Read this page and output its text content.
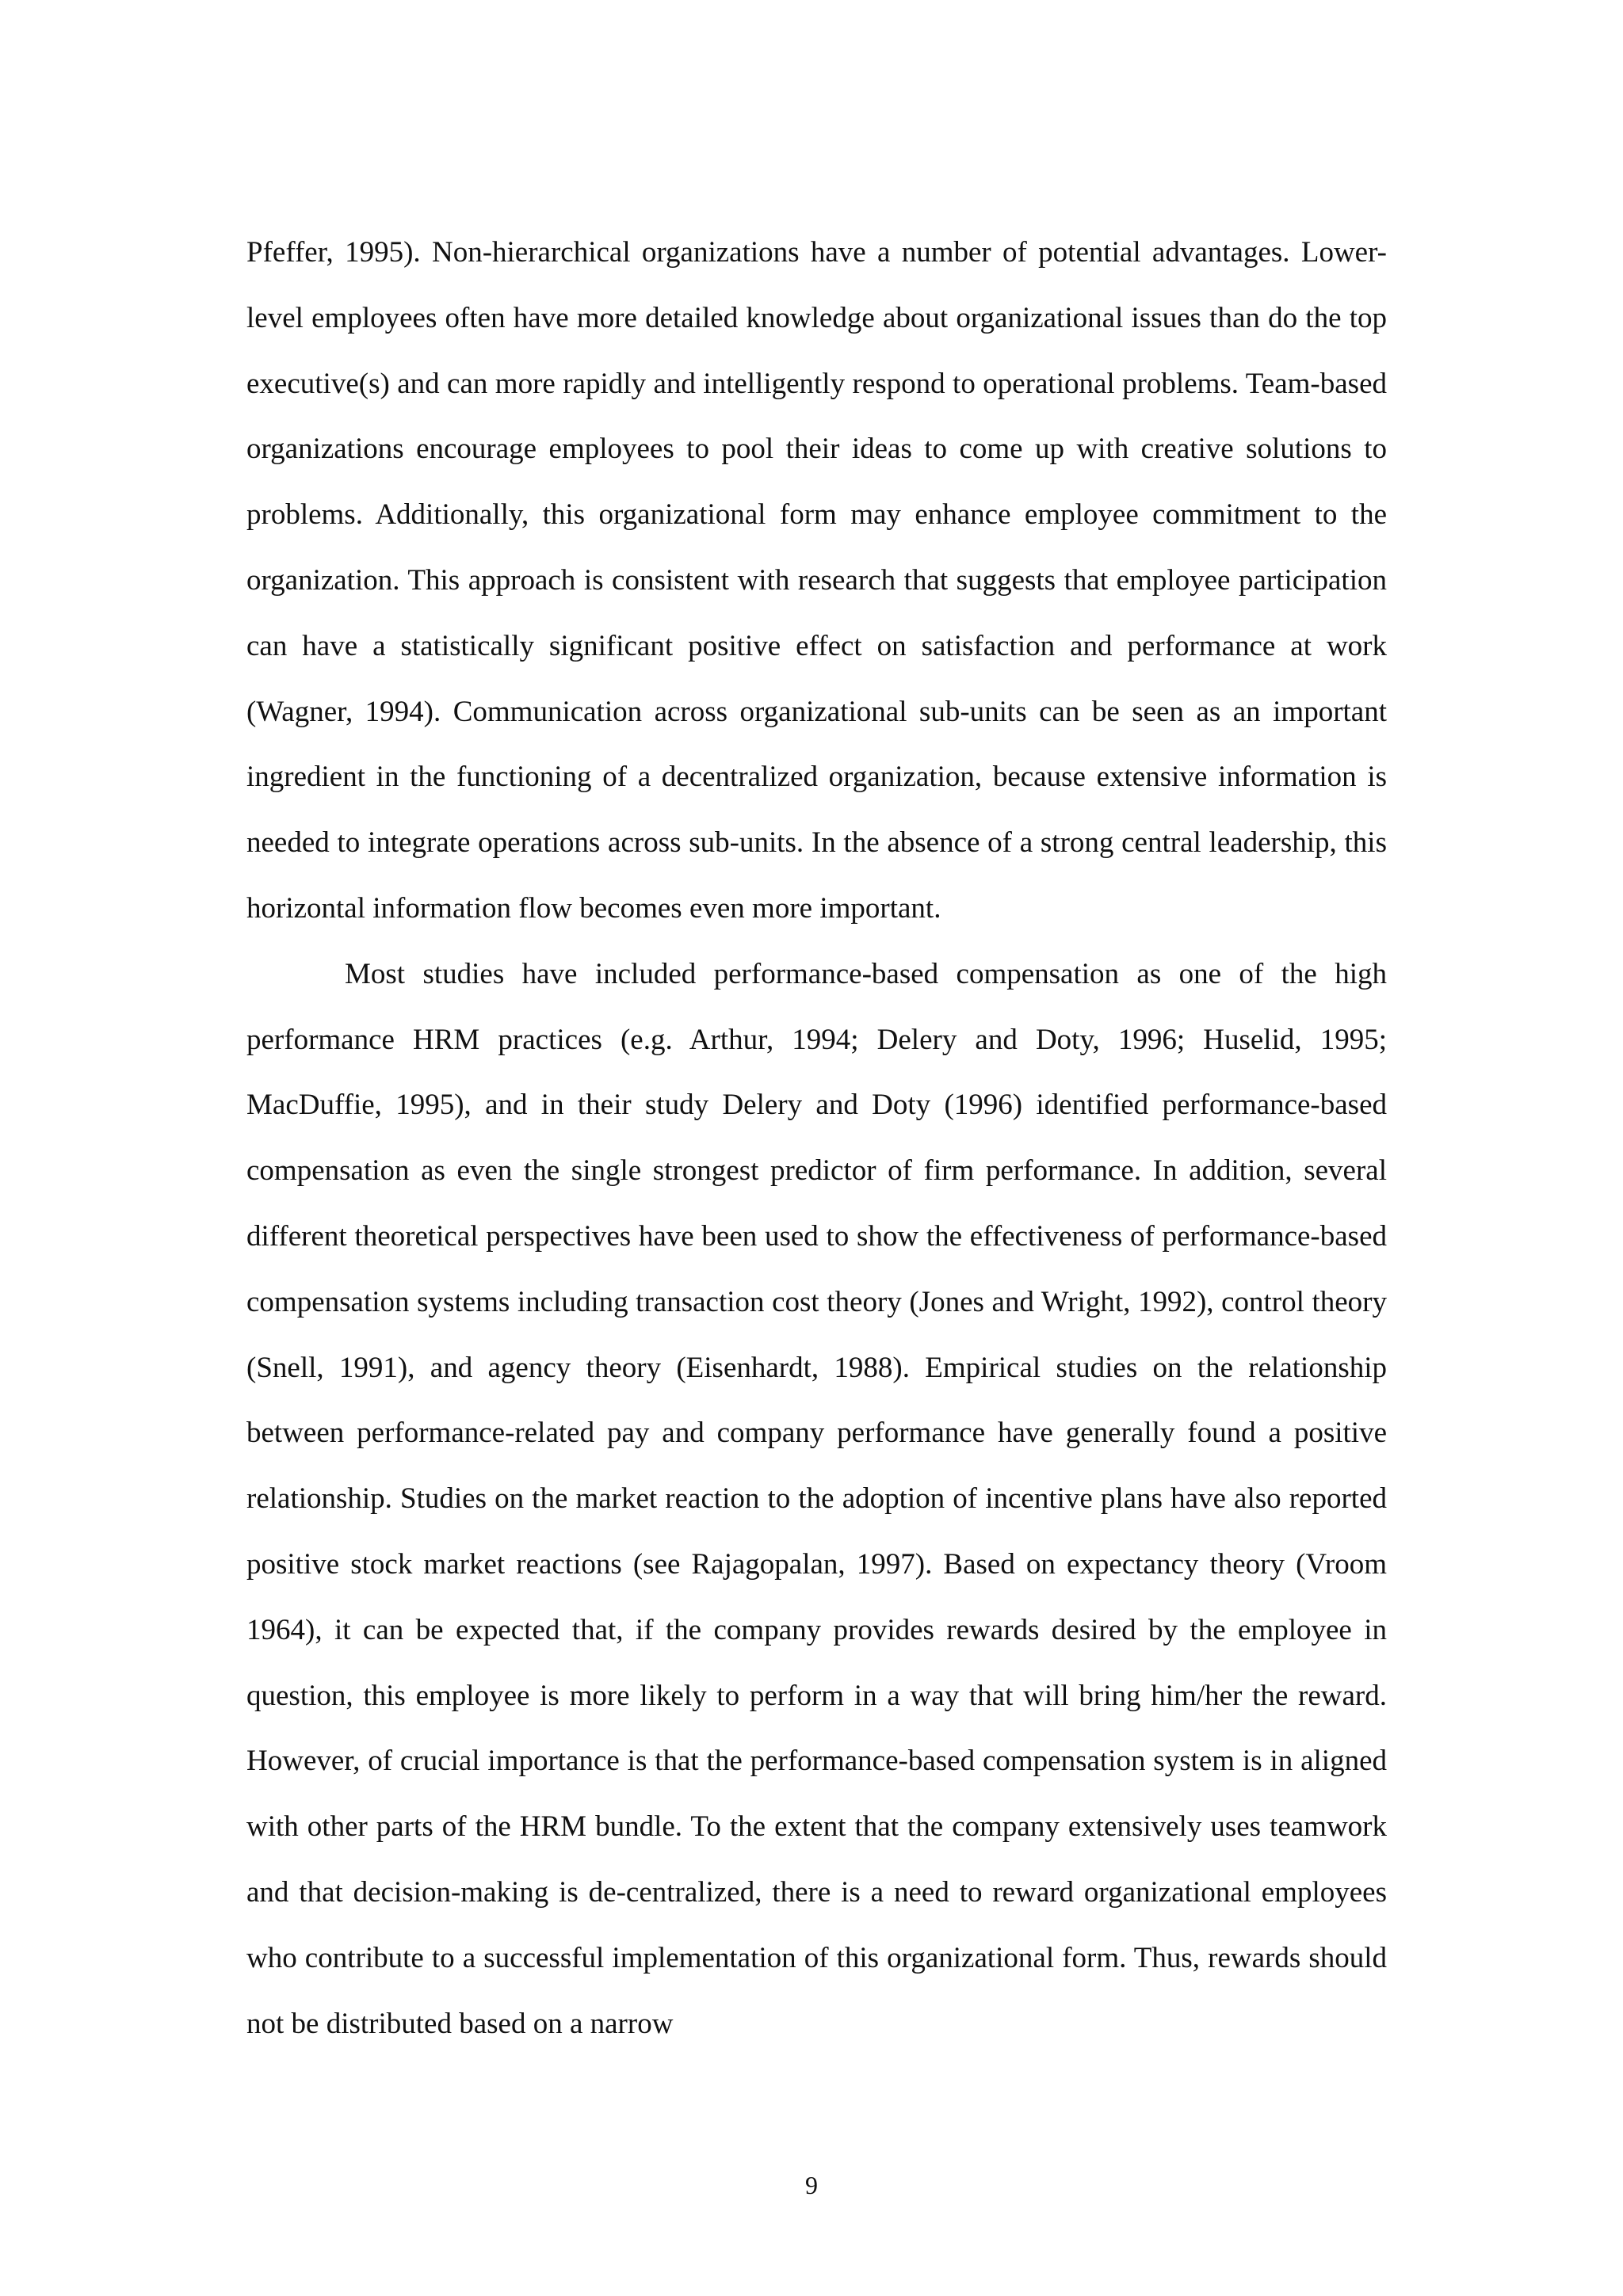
Pfeffer, 1995). Non-hierarchical organizations have a number of potential advantages. Lower-level employees often have more detailed knowledge about organizational issues than do the top executive(s) and can more rapidly and intelligently respond to operational problems. Team-based organizations encourage employees to pool their ideas to come up with creative solutions to problems. Additionally, this organizational form may enhance employee commitment to the organization. This approach is consistent with research that suggests that employee participation can have a statistically significant positive effect on satisfaction and performance at work (Wagner, 1994). Communication across organizational sub-units can be seen as an important ingredient in the functioning of a decentralized organization, because extensive information is needed to integrate operations across sub-units. In the absence of a strong central leadership, this horizontal information flow becomes even more important.

Most studies have included performance-based compensation as one of the high performance HRM practices (e.g. Arthur, 1994; Delery and Doty, 1996; Huselid, 1995; MacDuffie, 1995), and in their study Delery and Doty (1996) identified performance-based compensation as even the single strongest predictor of firm performance. In addition, several different theoretical perspectives have been used to show the effectiveness of performance-based compensation systems including transaction cost theory (Jones and Wright, 1992), control theory (Snell, 1991), and agency theory (Eisenhardt, 1988). Empirical studies on the relationship between performance-related pay and company performance have generally found a positive relationship. Studies on the market reaction to the adoption of incentive plans have also reported positive stock market reactions (see Rajagopalan, 1997). Based on expectancy theory (Vroom 1964), it can be expected that, if the company provides rewards desired by the employee in question, this employee is more likely to perform in a way that will bring him/her the reward. However, of crucial importance is that the performance-based compensation system is in aligned with other parts of the HRM bundle. To the extent that the company extensively uses teamwork and that decision-making is de-centralized, there is a need to reward organizational employees who contribute to a successful implementation of this organizational form. Thus, rewards should not be distributed based on a narrow

9
